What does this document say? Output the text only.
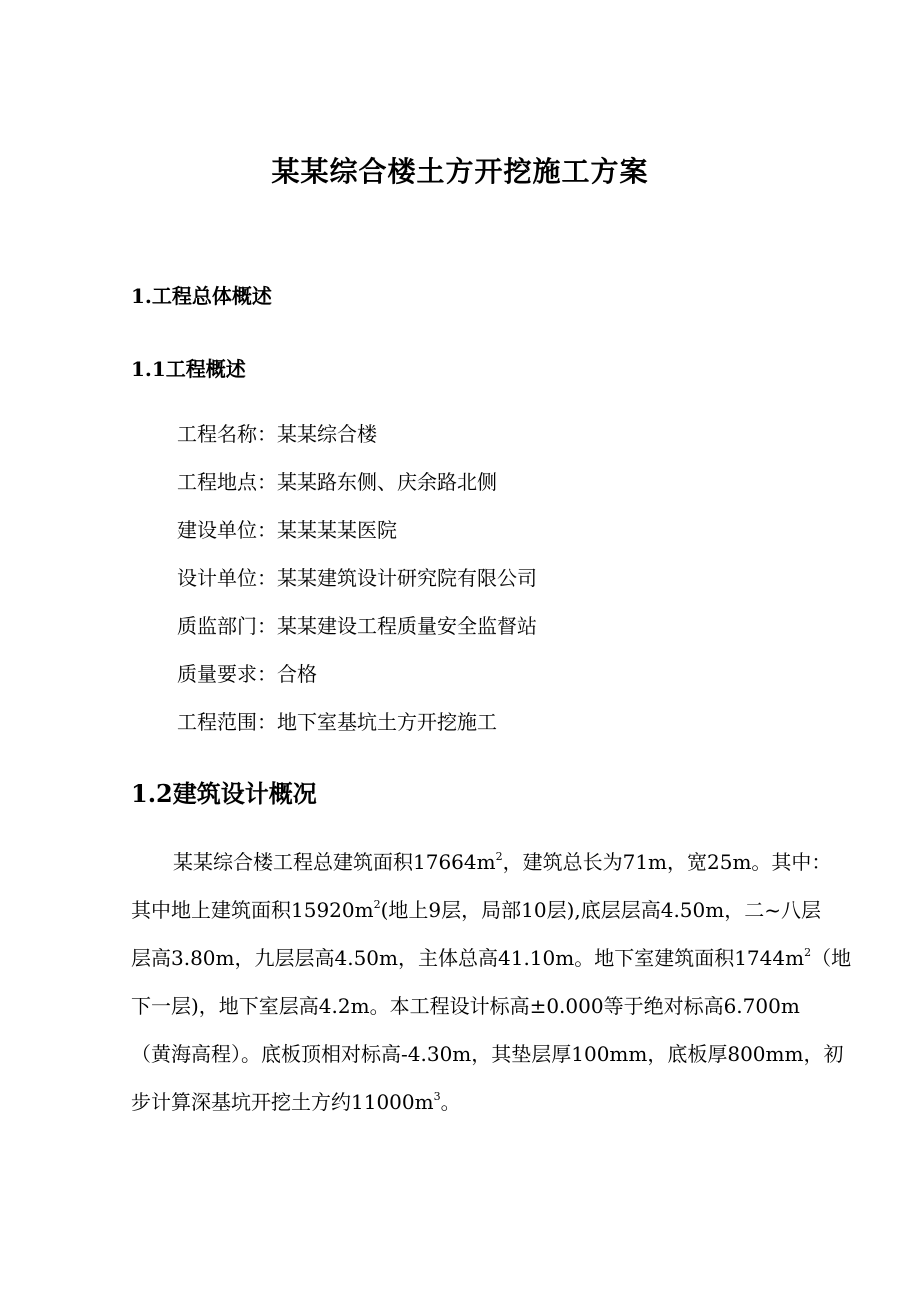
某某综合楼土方开挖施工方案
1.工程总体概述
1.1工程概述
工程名称：某某综合楼
工程地点：某某路东侧、庆余路北侧
建设单位：某某某某医院
设计单位：某某建筑设计研究院有限公司
质监部门：某某建设工程质量安全监督站
质量要求：合格
工程范围：地下室基坑土方开挖施工
1.2建筑设计概况
某某综合楼工程总建筑面积$17664m^2$，建筑总长为71m，宽25m。其中：
其中地上建筑面积$15920m^2$(地上9层，局部10层),底层层高4.50m，二~八层
层高3.80m，九层层高4.50m，主体总高41.10m。地下室建筑面积$1744m^2$（地
下一层)，地下室层高4.2m。本工程设计标高±0.000等于绝对标高6.700m
（黄海高程）。底板顶相对标高-4.30m，其垫层厚100mm，底板厚800mm，初
步计算深基坑开挖土方约$11000m^3$。
